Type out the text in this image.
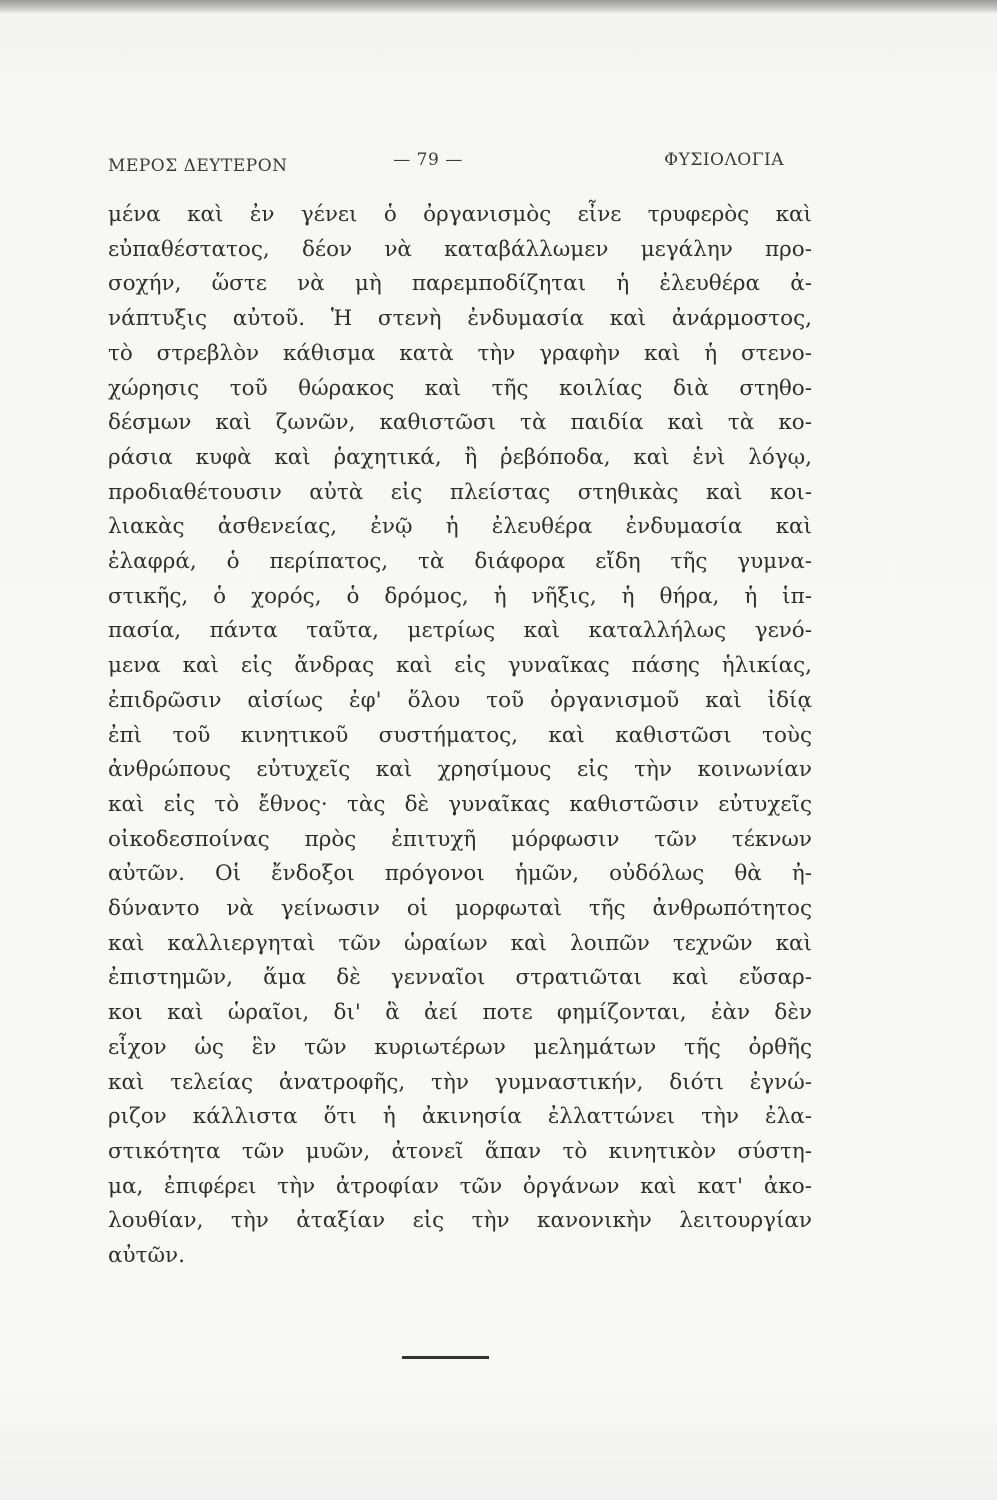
ΜΕΡΟΣ ΔΕΥΤΕΡΟΝ	— 79 —	ΦΥΣΙΟΛΟΓΙΑ
μένα καὶ ἐν γένει ὁ ὀργανισμὸς εἶνε τρυφερὸς καὶ
εὐπαθέστατος, δέον νὰ καταβάλλωμεν μεγάλην προ-
σοχήν, ὥστε νὰ μὴ παρεμποδίζηται ἡ ἐλευθέρα ἀ-
νάπτυξις αὐτοῦ. Ἡ στενὴ ἐνδυμασία καὶ ἀνάρμοστος,
τὸ στρεβλὸν κάθισμα κατὰ τὴν γραφὴν καὶ ἡ στενο-
χώρησις τοῦ θώρακος καὶ τῆς κοιλίας διὰ στηθο-
δέσμων καὶ ζωνῶν, καθιστῶσι τὰ παιδία καὶ τὰ κο-
ράσια κυφὰ καὶ ῥαχητικά, ἢ ῥεβόποδα, καὶ ἑνὶ λόγῳ,
προδιαθέτουσιν αὐτὰ εἰς πλείστας στηθικὰς καὶ κοι-
λιακὰς ἀσθενείας, ἐνῷ ἡ ἐλευθέρα ἐνδυμασία καὶ
ἐλαφρά, ὁ περίπατος, τὰ διάφορα εἴδη τῆς γυμνα-
στικῆς, ὁ χορός, ὁ δρόμος, ἡ νῆξις, ἡ θήρα, ἡ ἱπ-
πασία, πάντα ταῦτα, μετρίως καὶ καταλλήλως γενό-
μενα καὶ εἰς ἄνδρας καὶ εἰς γυναῖκας πάσης ἡλικίας,
ἐπιδρῶσιν αἰσίως ἐφ' ὅλου τοῦ ὀργανισμοῦ καὶ ἰδίᾳ
ἐπὶ τοῦ κινητικοῦ συστήματος, καὶ καθιστῶσι τοὺς
ἀνθρώπους εὐτυχεῖς καὶ χρησίμους εἰς τὴν κοινωνίαν
καὶ εἰς τὸ ἔθνος· τὰς δὲ γυναῖκας καθιστῶσιν εὐτυχεῖς
οἰκοδεσποίνας πρὸς ἐπιτυχῆ μόρφωσιν τῶν τέκνων
αὐτῶν. Οἱ ἔνδοξοι πρόγονοι ἡμῶν, οὐδόλως θὰ ἠ-
δύναντο νὰ γείνωσιν οἱ μορφωταὶ τῆς ἀνθρωπότητος
καὶ καλλιεργηταὶ τῶν ὡραίων καὶ λοιπῶν τεχνῶν καὶ
ἐπιστημῶν, ἅμα δὲ γενναῖοι στρατιῶται καὶ εὔσαρ-
κοι καὶ ὡραῖοι, δι' ἃ ἀεί ποτε φημίζονται, ἐὰν δὲν
εἶχον ὡς ἓν τῶν κυριωτέρων μελημάτων τῆς ὀρθῆς
καὶ τελείας ἀνατροφῆς, τὴν γυμναστικήν, διότι ἐγνώ-
ριζον κάλλιστα ὅτι ἡ ἀκινησία ἐλλαττώνει τὴν ἐλα-
στικότητα τῶν μυῶν, ἀτονεῖ ἅπαν τὸ κινητικὸν σύστη-
μα, ἐπιφέρει τὴν ἀτροφίαν τῶν ὀργάνων καὶ κατ' ἀκο-
λουθίαν, τὴν ἀταξίαν εἰς τὴν κανονικὴν λειτουργίαν
αὐτῶν.
